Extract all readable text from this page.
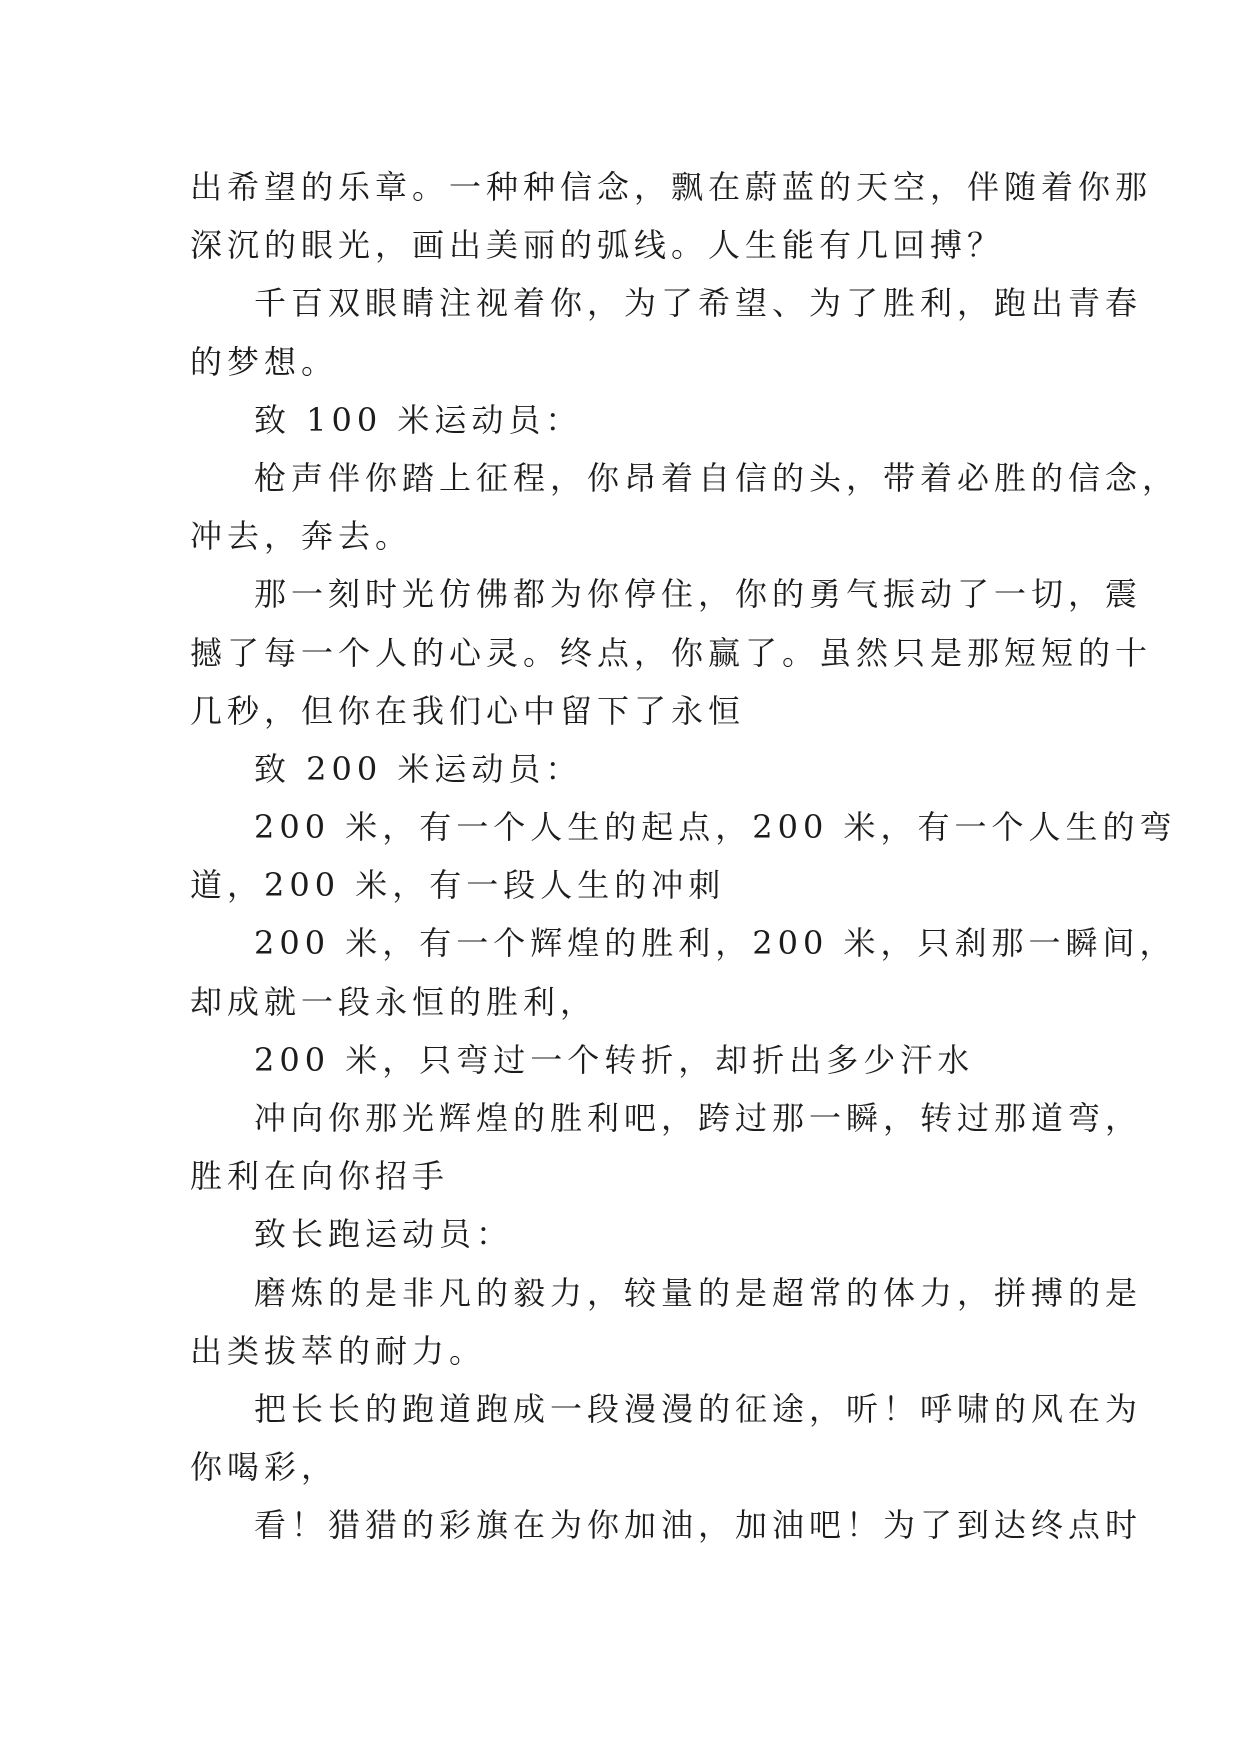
出希望的乐章。一种种信念，飘在蔚蓝的天空，伴随着你那
深沉的眼光，画出美丽的弧线。人生能有几回搏？
千百双眼睛注视着你，为了希望、为了胜利，跑出青春
的梦想。
致 100 米运动员：
枪声伴你踏上征程，你昂着自信的头，带着必胜的信念，
冲去，奔去。
那一刻时光仿佛都为你停住，你的勇气振动了一切，震
撼了每一个人的心灵。终点，你赢了。虽然只是那短短的十
几秒，但你在我们心中留下了永恒
致 200 米运动员：
200 米，有一个人生的起点，200 米，有一个人生的弯
道，200 米，有一段人生的冲刺
200 米，有一个辉煌的胜利，200 米，只刹那一瞬间，
却成就一段永恒的胜利，
200 米，只弯过一个转折，却折出多少汗水
冲向你那光辉煌的胜利吧，跨过那一瞬，转过那道弯，
胜利在向你招手
致长跑运动员：
磨炼的是非凡的毅力，较量的是超常的体力，拼搏的是
出类拔萃的耐力。
把长长的跑道跑成一段漫漫的征途，听！呼啸的风在为
你喝彩，
看！猎猎的彩旗在为你加油，加油吧！为了到达终点时
